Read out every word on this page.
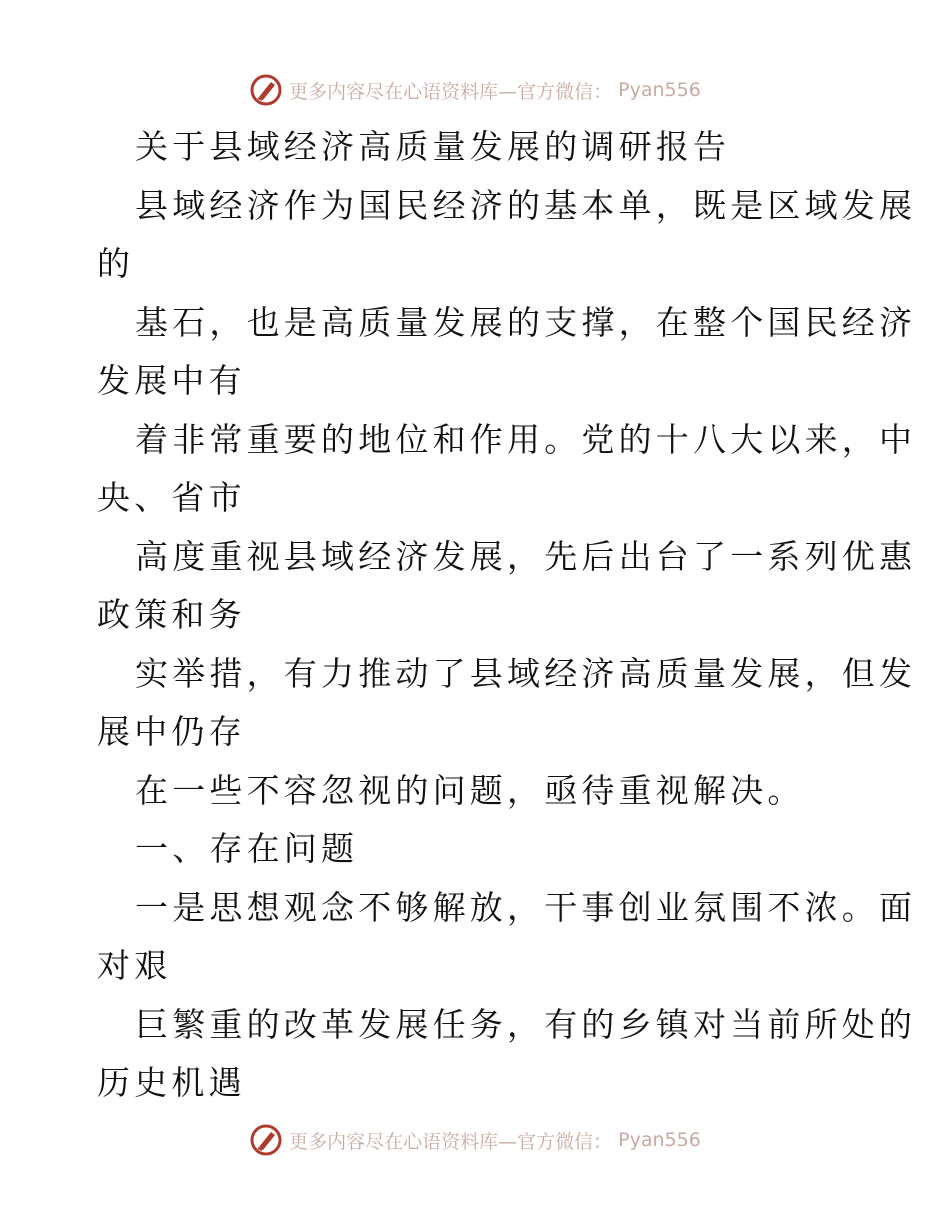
更多内容尽在心语资料库—官方微信： Pyan556
关于县域经济高质量发展的调研报告
县域经济作为国民经济的基本单，既是区域发展
的
基石，也是高质量发展的支撑，在整个国民经济
发展中有
着非常重要的地位和作用。党的十八大以来，中
央、省市
高度重视县域经济发展，先后出台了一系列优惠
政策和务
实举措，有力推动了县域经济高质量发展，但发
展中仍存
在一些不容忽视的问题，亟待重视解决。
一、存在问题
一是思想观念不够解放，干事创业氛围不浓。面
对艰
巨繁重的改革发展任务，有的乡镇对当前所处的
历史机遇
更多内容尽在心语资料库—官方微信： Pyan556
